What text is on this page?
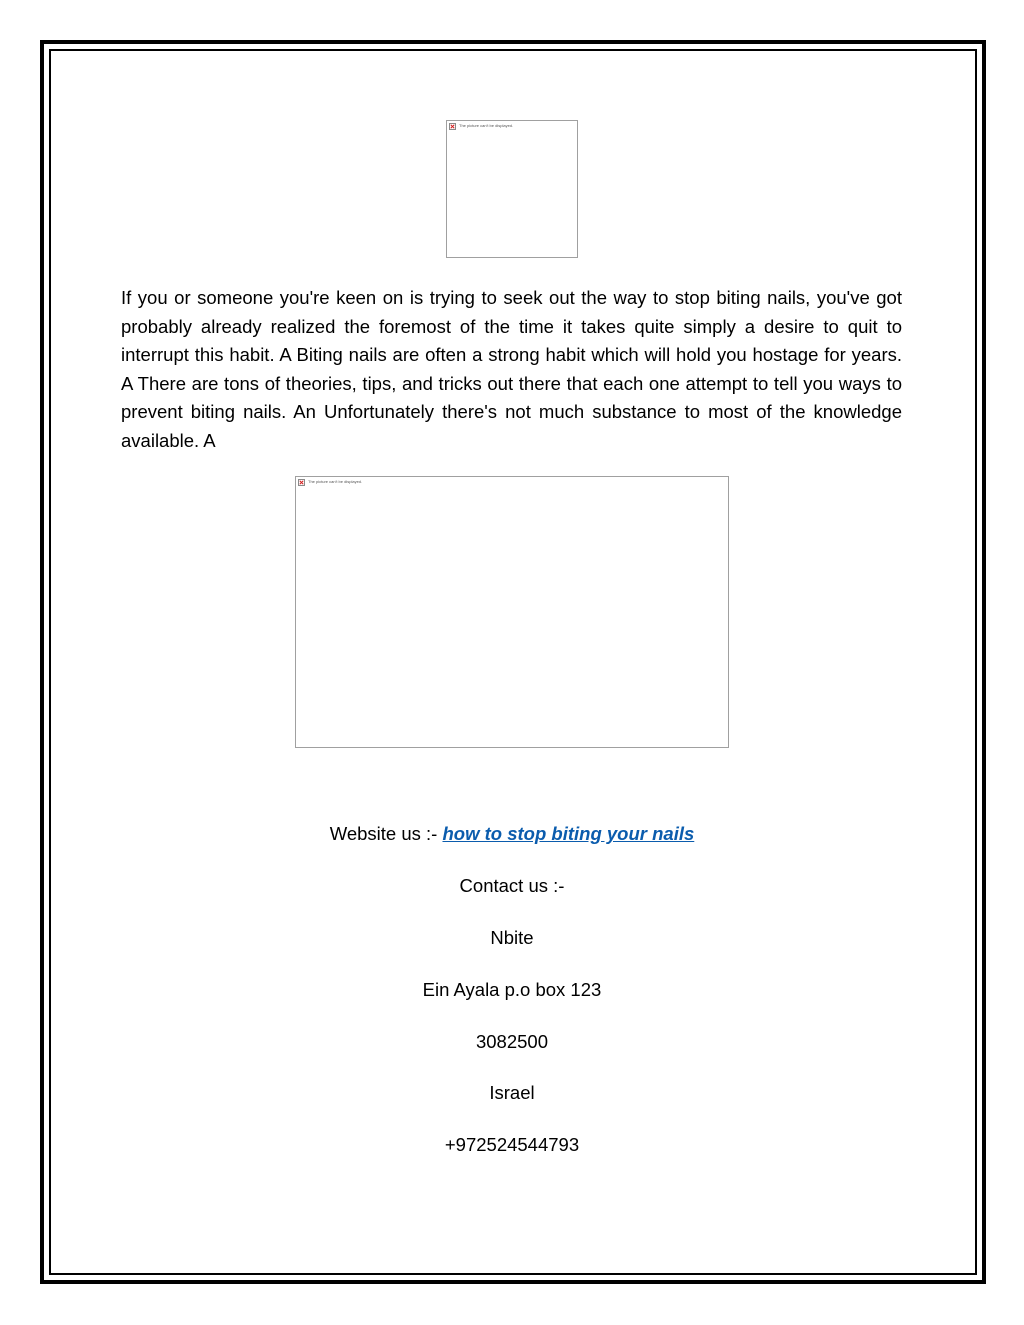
The picture can't be displayed.

If you or someone you're keen on is trying to seek out the way to stop biting nails, you've got probably already realized the foremost of the time it takes quite simply a desire to quit to interrupt this habit. A Biting nails are often a strong habit which will hold you hostage for years. A There are tons of theories, tips, and tricks out there that each one attempt to tell you ways to prevent biting nails. An Unfortunately there's not much substance to most of the knowledge available. A

The picture can't be displayed.
Website us :- how to stop biting your nails
Contact us :-
Nbite
Ein Ayala p.o box 123
3082500
Israel
+972524544793
